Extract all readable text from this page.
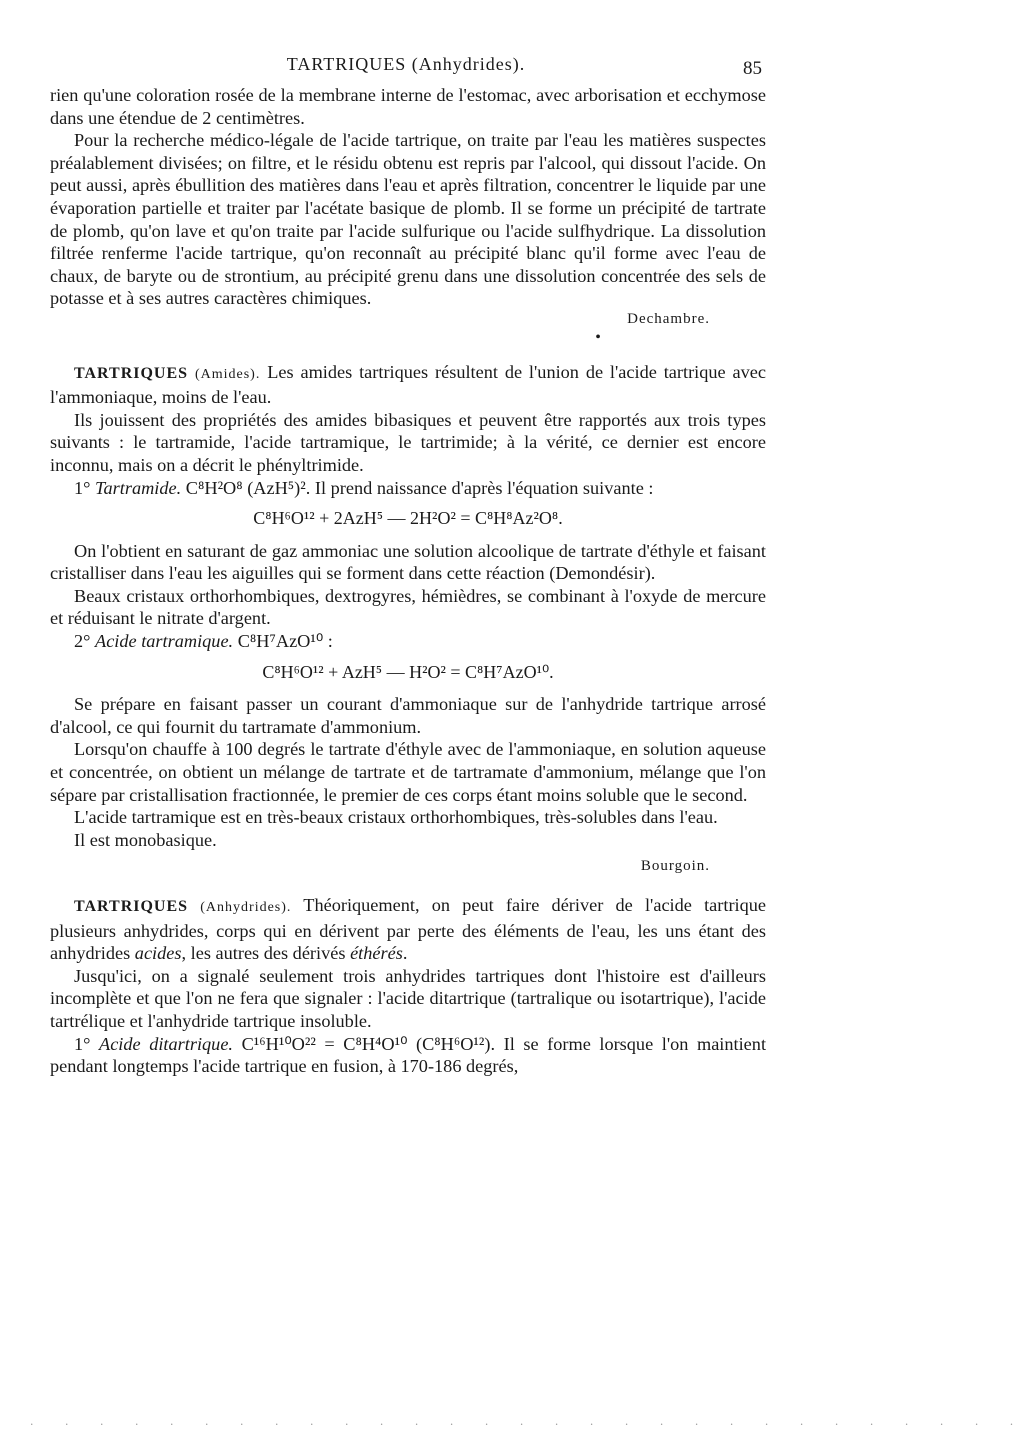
TARTRIQUES (Anhydrides).	85

rien qu'une coloration rosée de la membrane interne de l'estomac, avec arborisation et ecchymose dans une étendue de 2 centimètres.

Pour la recherche médico-légale de l'acide tartrique, on traite par l'eau les matières suspectes préalablement divisées; on filtre, et le résidu obtenu est repris par l'alcool, qui dissout l'acide. On peut aussi, après ébullition des matières dans l'eau et après filtration, concentrer le liquide par une évaporation partielle et traiter par l'acétate basique de plomb. Il se forme un précipité de tartrate de plomb, qu'on lave et qu'on traite par l'acide sulfurique ou l'acide sulfhydrique. La dissolution filtrée renferme l'acide tartrique, qu'on reconnaît au précipité blanc qu'il forme avec l'eau de chaux, de baryte ou de strontium, au précipité grenu dans une dissolution concentrée des sels de potasse et à ses autres caractères chimiques.

Dechambre.

•

TARTRIQUES (Amides). Les amides tartriques résultent de l'union de l'acide tartrique avec l'ammoniaque, moins de l'eau.

Ils jouissent des propriétés des amides bibasiques et peuvent être rapportés aux trois types suivants : le tartramide, l'acide tartramique, le tartrimide; à la vérité, ce dernier est encore inconnu, mais on a décrit le phényltrimide.

1° Tartramide. C⁸H²O⁸ (AzH⁵)². Il prend naissance d'après l'équation suivante :

C⁸H⁶O¹² + 2AzH⁵ — 2H²O² = C⁸H⁸Az²O⁸.

On l'obtient en saturant de gaz ammoniac une solution alcoolique de tartrate d'éthyle et faisant cristalliser dans l'eau les aiguilles qui se forment dans cette réaction (Demondésir).

Beaux cristaux orthorhombiques, dextrogyres, hémièdres, se combinant à l'oxyde de mercure et réduisant le nitrate d'argent.

2° Acide tartramique. C⁸H⁷AzO¹⁰ :

C⁸H⁶O¹² + AzH⁵ — H²O² = C⁸H⁷AzO¹⁰.

Se prépare en faisant passer un courant d'ammoniaque sur de l'anhydride tartrique arrosé d'alcool, ce qui fournit du tartramate d'ammonium.

Lorsqu'on chauffe à 100 degrés le tartrate d'éthyle avec de l'ammoniaque, en solution aqueuse et concentrée, on obtient un mélange de tartrate et de tartramate d'ammonium, mélange que l'on sépare par cristallisation fractionnée, le premier de ces corps étant moins soluble que le second.

L'acide tartramique est en très-beaux cristaux orthorhombiques, très-solubles dans l'eau.

Il est monobasique.

Bourgoin.

TARTRIQUES (Anhydrides). Théoriquement, on peut faire dériver de l'acide tartrique plusieurs anhydrides, corps qui en dérivent par perte des éléments de l'eau, les uns étant des anhydrides acides, les autres des dérivés éthérés.

Jusqu'ici, on a signalé seulement trois anhydrides tartriques dont l'histoire est d'ailleurs incomplète et que l'on ne fera que signaler : l'acide ditartrique (tartralique ou isotartrique), l'acide tartrélique et l'anhydride tartrique insoluble.

1° Acide ditartrique. C¹⁶H¹⁰O²² = C⁸H⁴O¹⁰ (C⁸H⁶O¹²). Il se forme lorsque l'on maintient pendant longtemps l'acide tartrique en fusion, à 170-186 degrés,

· · · · · · · · · · · · · · · · · · · · · · · · · · · · ·
